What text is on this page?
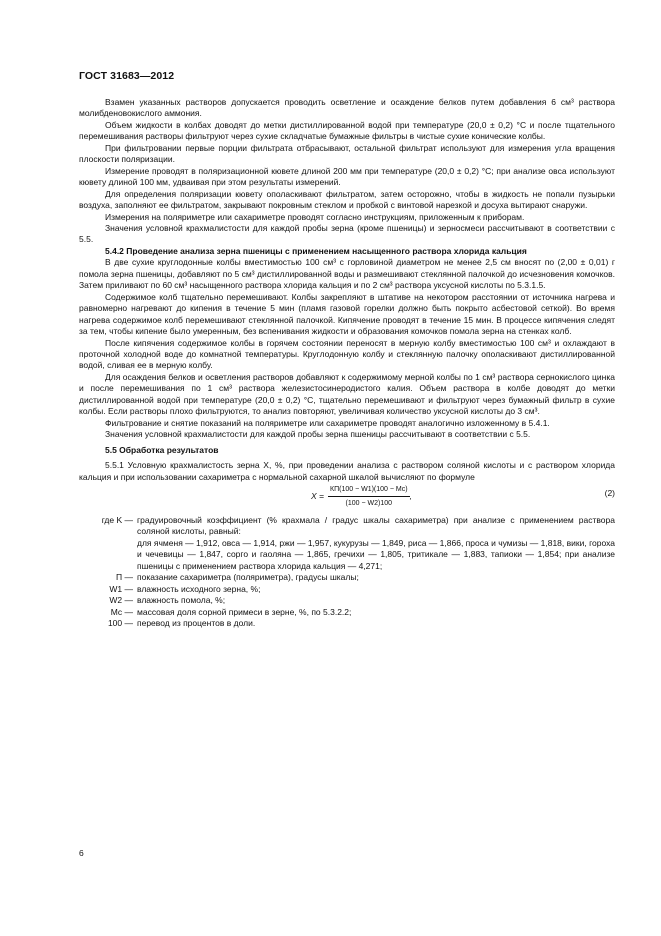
ГОСТ 31683—2012

Взамен указанных растворов допускается проводить осветление и осаждение белков путем добавления 6 см³ раствора молибденовокислого аммония.

Объем жидкости в колбах доводят до метки дистиллированной водой при температуре (20,0 ± 0,2) °С и после тщательного перемешивания растворы фильтруют через сухие складчатые бумажные фильтры в чистые сухие конические колбы.

При фильтровании первые порции фильтрата отбрасывают, остальной фильтрат используют для измерения угла вращения плоскости поляризации.

Измерение проводят в поляризационной кювете длиной 200 мм при температуре (20,0 ± 0,2) °С; при анализе овса используют кювету длиной 100 мм, удваивая при этом результаты измерений.

Для определения поляризации кювету ополаскивают фильтратом, затем осторожно, чтобы в жидкость не попали пузырьки воздуха, заполняют ее фильтратом, закрывают покровным стеклом и пробкой с винтовой нарезкой и досуха вытирают снаружи.

Измерения на поляриметре или сахариметре проводят согласно инструкциям, приложенным к приборам.

Значения условной крахмалистости для каждой пробы зерна (кроме пшеницы) и зерносмеси рассчитывают в соответствии с 5.5.

5.4.2 Проведение анализа зерна пшеницы с применением насыщенного раствора хлорида кальция

В две сухие круглодонные колбы вместимостью 100 см³ с горловиной диаметром не менее 2,5 см вносят по (2,00 ± 0,01) г помола зерна пшеницы, добавляют по 5 см³ дистиллированной воды и размешивают стеклянной палочкой до исчезновения комочков. Затем приливают по 60 см³ насыщенного раствора хлорида кальция и по 2 см³ раствора уксусной кислоты по 5.3.1.5.

Содержимое колб тщательно перемешивают. Колбы закрепляют в штативе на некотором расстоянии от источника нагрева и равномерно нагревают до кипения в течение 5 мин (пламя газовой горелки должно быть покрыто асбестовой сеткой). Во время нагрева содержимое колб перемешивают стеклянной палочкой. Кипячение проводят в течение 15 мин. В процессе кипячения следят за тем, чтобы кипение было умеренным, без вспенивания жидкости и образования комочков помола зерна на стенках колб.

После кипячения содержимое колбы в горячем состоянии переносят в мерную колбу вместимостью 100 см³ и охлаждают в проточной холодной воде до комнатной температуры. Круглодонную колбу и стеклянную палочку ополаскивают дистиллированной водой, сливая ее в мерную колбу.

Для осаждения белков и осветления растворов добавляют к содержимому мерной колбы по 1 см³ раствора сернокислого цинка и после перемешивания по 1 см³ раствора железистосинеродистого калия. Объем раствора в колбе доводят до метки дистиллированной водой при температуре (20,0 ± 0,2) °С, тщательно перемешивают и фильтруют через бумажный фильтр в сухие колбы. Если растворы плохо фильтруются, то анализ повторяют, увеличивая количество уксусной кислоты до 3 см³.

Фильтрование и снятие показаний на поляриметре или сахариметре проводят аналогично изложенному в 5.4.1.

Значения условной крахмалистости для каждой пробы зерна пшеницы рассчитывают в соответствии с 5.5.

5.5 Обработка результатов

5.5.1 Условную крахмалистость зерна X, %, при проведении анализа с раствором соляной кислоты и с раствором хлорида кальция и при использовании сахариметра с нормальной сахарной шкалой вычисляют по формуле

$X = \frac{КП(100 - W1)(100 - Mc)}{(100 - W2)100}$ ,	(2)
где K — градуировочный коэффициент (% крахмала / градус шкалы сахариметра) при анализе с применением раствора соляной кислоты, равный:
для ячменя — 1,912, овса — 1,914, ржи — 1,957, кукурузы — 1,849, риса — 1,866, проса и чумизы — 1,818, вики, гороха и чечевицы — 1,847, сорго и гаоляна — 1,865, гречихи — 1,805, тритикале — 1,883, тапиоки — 1,854; при анализе пшеницы с применением раствора хлорида кальция — 4,271;
П — показание сахариметра (поляриметра), градусы шкалы;
W1 — влажность исходного зерна, %;
W2 — влажность помола, %;
Mc — массовая доля сорной примеси в зерне, %, по 5.3.2.2;
100 — перевод из процентов в доли.
6
